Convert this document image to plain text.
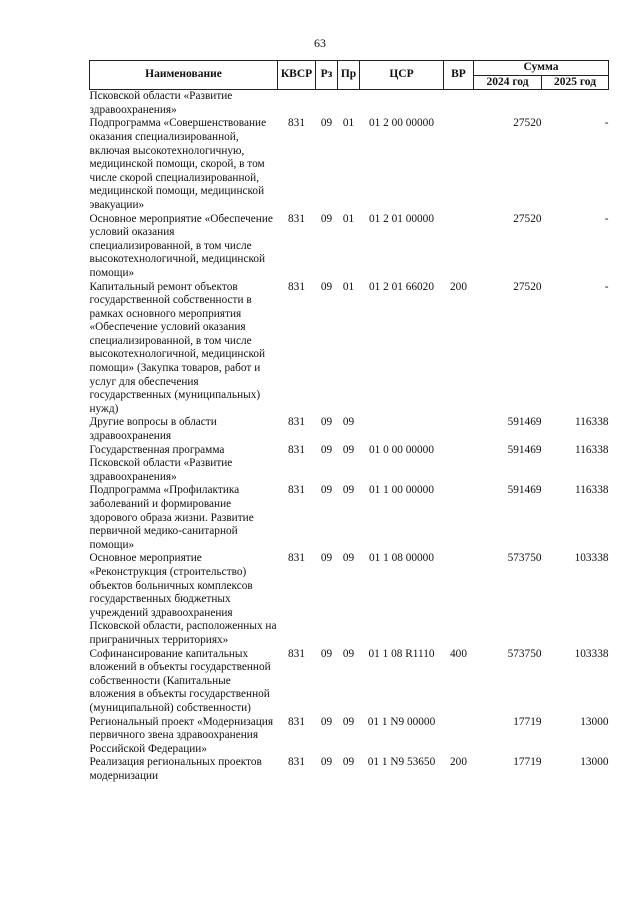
63
Наименование	КВСР	Рз	Пр	ЦСР	ВР	Сумма	
						2024 год	2025 год
Псковской области «Развитие здравоохранения»							
Подпрограмма «Совершенствование оказания специализированной, включая высокотехнологичную, медицинской помощи, скорой, в том числе скорой специализированной, медицинской помощи, медицинской эвакуации»	831	09	01	01 2 00 00000		27520	-
Основное мероприятие «Обеспечение условий оказания специализированной, в том числе высокотехнологичной, медицинской помощи»	831	09	01	01 2 01 00000		27520	-
Капитальный ремонт объектов государственной собственности в рамках основного мероприятия «Обеспечение условий оказания специализированной, в том числе высокотехнологичной, медицинской помощи» (Закупка товаров, работ и услуг для обеспечения государственных (муниципальных) нужд)	831	09	01	01 2 01 66020	200	27520	-
Другие вопросы в области здравоохранения	831	09	09			591469	116338
Государственная программа Псковской области «Развитие здравоохранения»	831	09	09	01 0 00 00000		591469	116338
Подпрограмма «Профилактика заболеваний и формирование здорового образа жизни. Развитие первичной медико-санитарной помощи»	831	09	09	01 1 00 00000		591469	116338
Основное мероприятие «Реконструкция (строительство) объектов больничных комплексов государственных бюджетных учреждений здравоохранения Псковской области, расположенных на приграничных территориях»	831	09	09	01 1 08 00000		573750	103338
Софинансирование капитальных вложений в объекты государственной собственности (Капитальные вложения в объекты государственной (муниципальной) собственности)	831	09	09	01 1 08 R1110	400	573750	103338
Региональный проект «Модернизация первичного звена здравоохранения Российской Федерации»	831	09	09	01 1 N9 00000		17719	13000
Реализация региональных проектов модернизации	831	09	09	01 1 N9 53650	200	17719	13000
